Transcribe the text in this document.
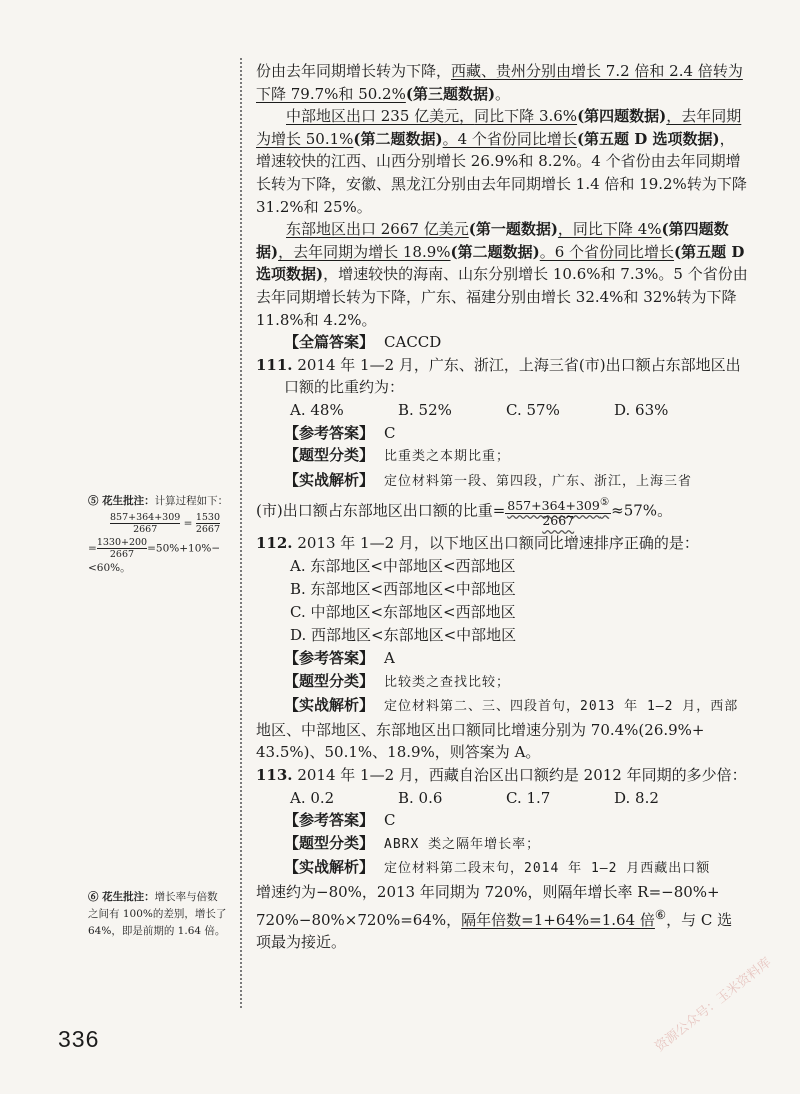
份由去年同期增长转为下降，西藏、贵州分别由增长 7.2 倍和 2.4 倍转为下降 79.7%和 50.2%(第三题数据)。

中部地区出口 235 亿美元，同比下降 3.6%(第四题数据)，去年同期为增长 50.1%(第二题数据)。4 个省份同比增长(第五题 D 选项数据)，增速较快的江西、山西分别增长 26.9%和 8.2%。4 个省份由去年同期增长转为下降，安徽、黑龙江分别由去年同期增长 1.4 倍和 19.2%转为下降 31.2%和 25%。

东部地区出口 2667 亿美元(第一题数据)，同比下降 4%(第四题数据)，去年同期为增长 18.9%(第二题数据)。6 个省份同比增长(第五题 D 选项数据)，增速较快的海南、山东分别增长 10.6%和 7.3%。5 个省份由去年同期增长转为下降，广东、福建分别由增长 32.4%和 32%转为下降 11.8%和 4.2%。

【全篇答案】 CACCD

111. 2014 年 1—2 月，广东、浙江，上海三省(市)出口额占东部地区出

口额的比重约为：

A. 48%	B. 52%	C. 57%	D. 63%

【参考答案】 C

【题型分类】 比重类之本期比重；

【实战解析】 定位材料第一段、第四段，广东、浙江，上海三省

(市)出口额占东部地区出口额的比重= $\frac{857+364+309^⑤}{2667} \approx 57\%$。

112. 2013 年 1—2 月，以下地区出口额同比增速排序正确的是：

A. 东部地区<中部地区<西部地区
B. 东部地区<西部地区<中部地区
C. 中部地区<东部地区<西部地区
D. 西部地区<东部地区<中部地区

【参考答案】 A

【题型分类】 比较类之查找比较；

【实战解析】 定位材料第二、三、四段首句，2013 年 1—2 月，西部

地区、中部地区、东部地区出口额同比增速分别为 70.4%(26.9%+

43.5%)、50.1%、18.9%，则答案为 A。

113. 2014 年 1—2 月，西藏自治区出口额约是 2012 年同期的多少倍：

A. 0.2	B. 0.6	C. 1.7	D. 8.2

【参考答案】 C

【题型分类】 ABRX 类之隔年增长率；

【实战解析】 定位材料第二段末句，2014 年 1—2 月西藏出口额

增速约为−80%，2013 年同期为 720%，则隔年增长率 R=−80%+

720%−80%×720%=64%，隔年倍数=1+64%=1.64 倍⑥，与 C 选

项最为接近。

⑤ 花生批注：计算过程如下：
$\frac{857+364+309}{2667} = \frac{1530}{2667}$
= $\frac{1330+200}{2667} =50\%+10\%-$
<60%。
⑥ 花生批注：增长率与倍数
之间有 100%的差别，增长了
64%，即是前期的 1.64 倍。
336	资源公众号：玉米资料库
